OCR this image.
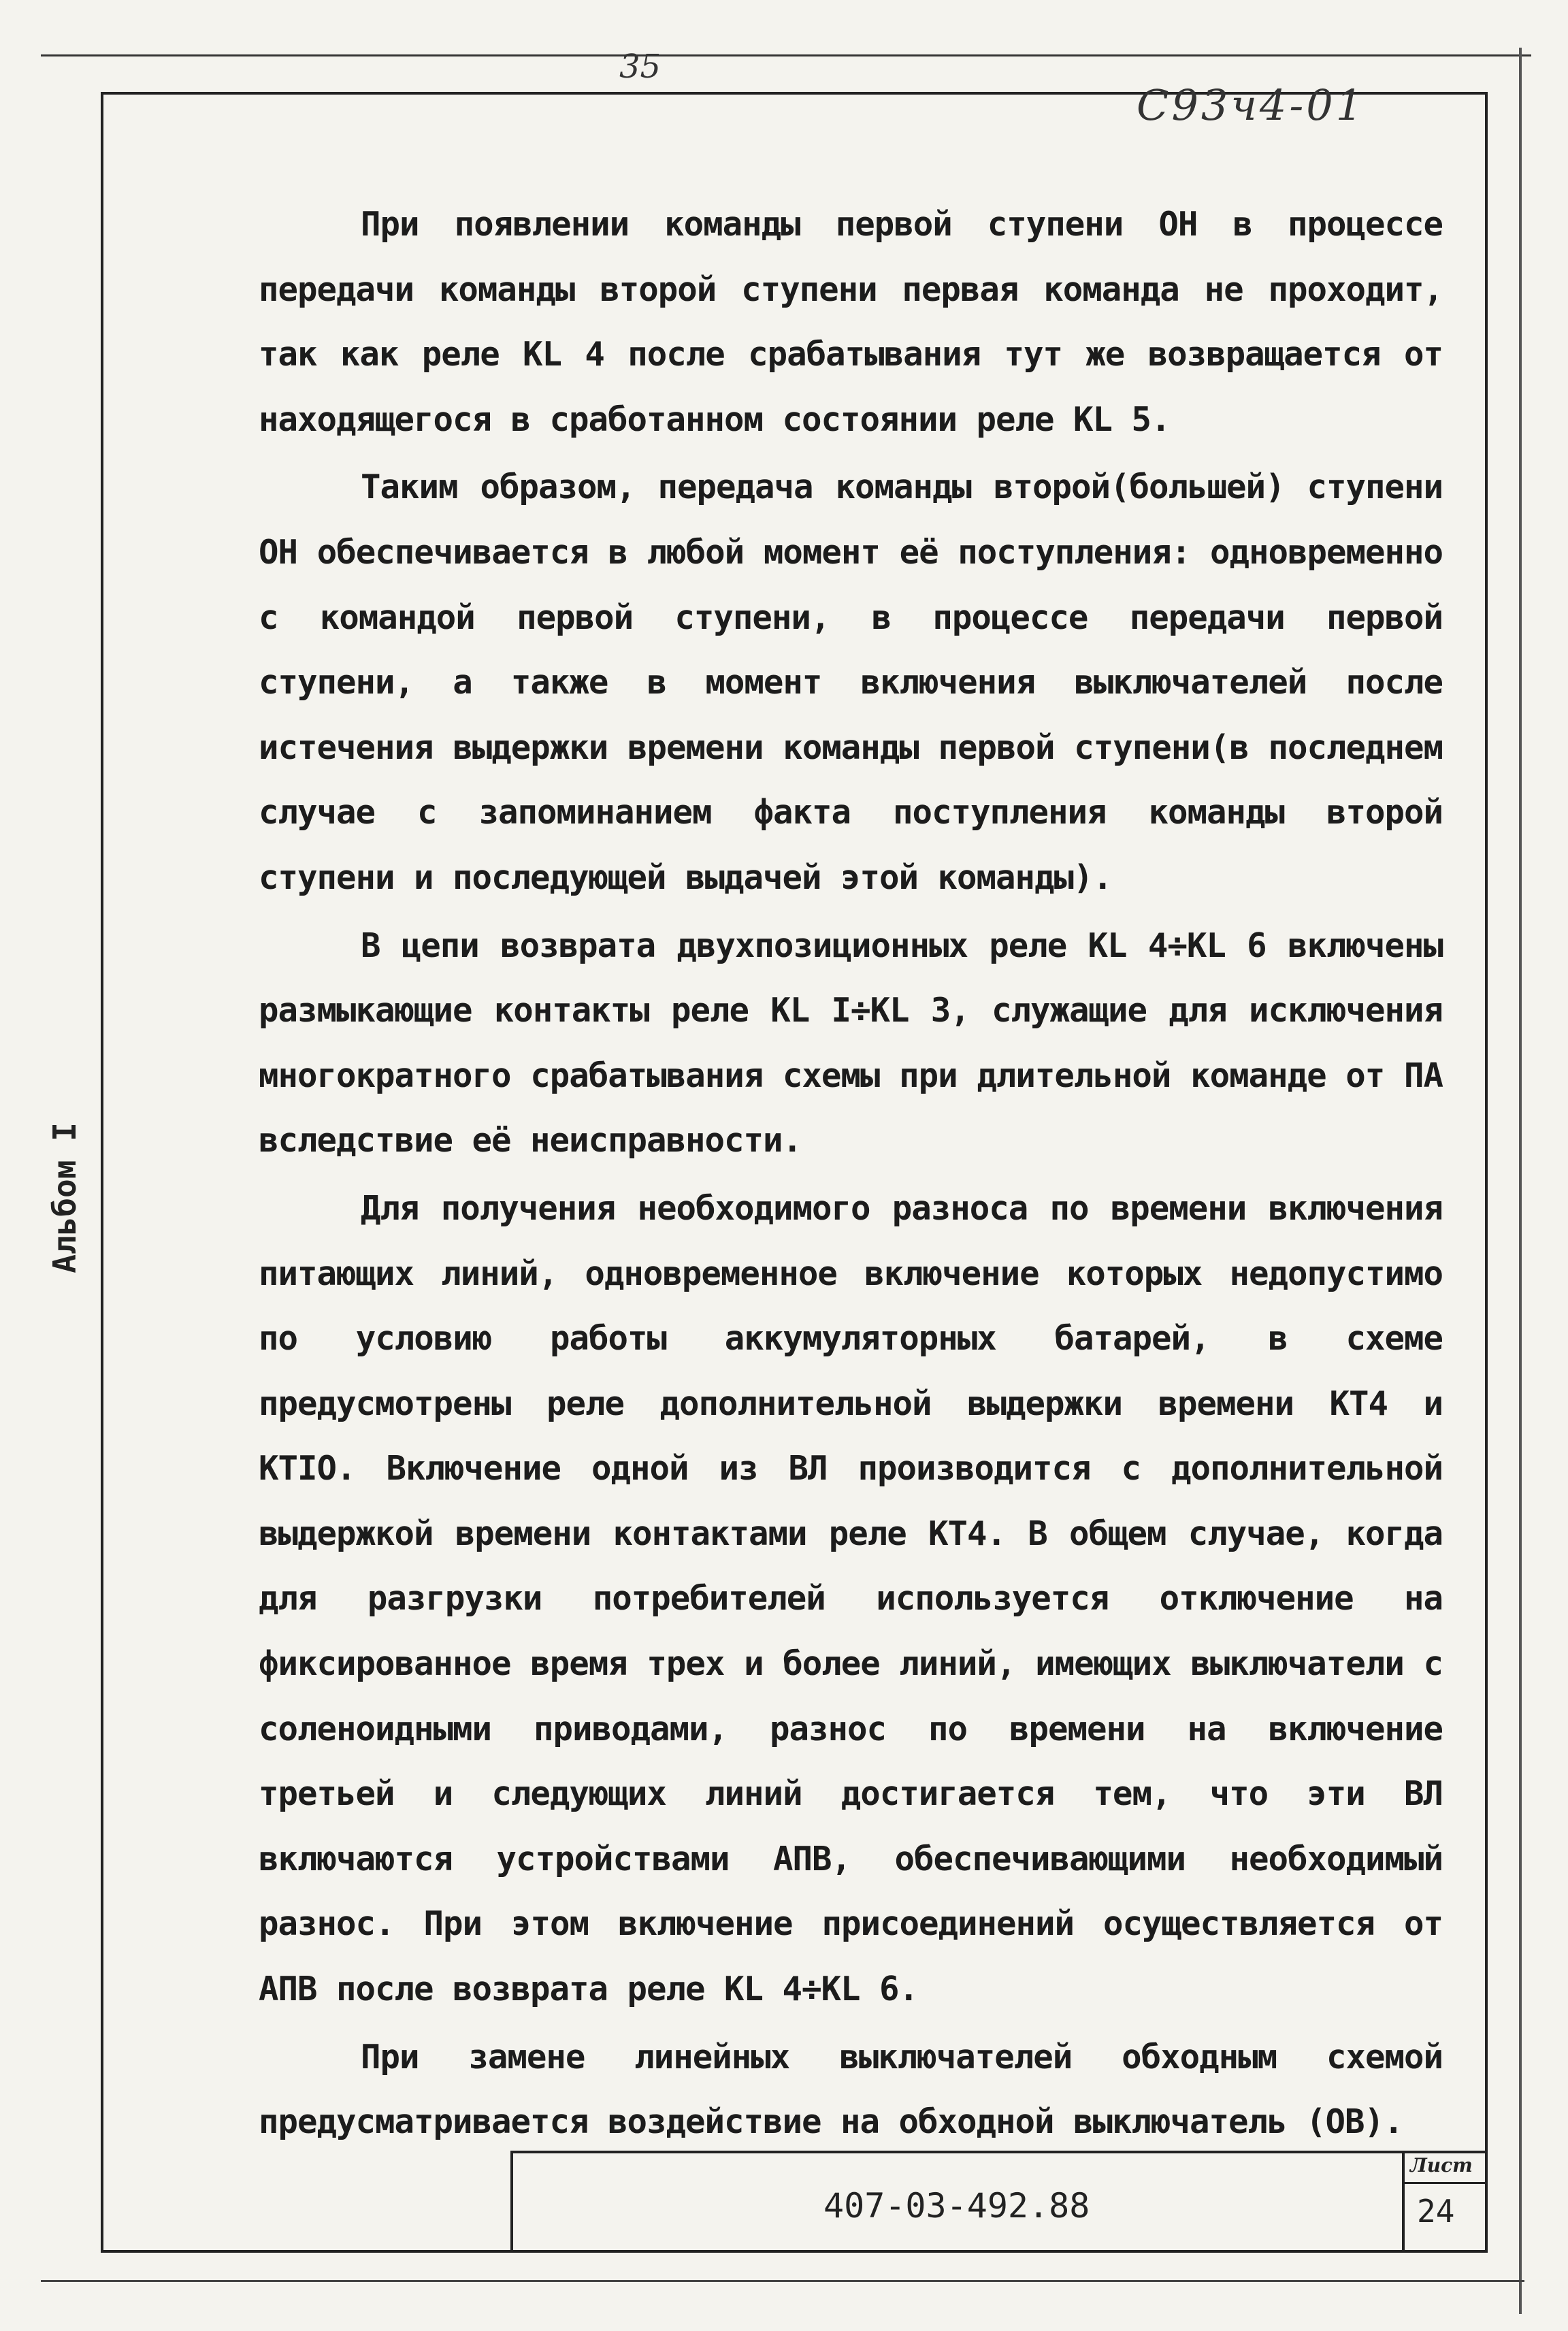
35
С93ч4-01
Альбом I

При появлении команды первой ступени ОН в процессе передачи команды второй ступени первая команда не проходит, так как реле KL 4 после срабатывания тут же возвращается от находящегося в сработанном состоянии реле KL 5.

Таким образом, передача команды второй(большей) ступени ОН обеспечивается в любой момент её поступления: одновременно с командой первой ступени, в процессе передачи первой ступени, а также в момент включения выключателей после истечения выдержки времени команды первой ступени(в последнем случае с запоминанием факта поступления команды второй ступени и последующей выдачей этой команды).

В цепи возврата двухпозиционных реле KL 4÷KL 6 включены размыкающие контакты реле KL I÷KL 3, служащие для исключения многократного срабатывания схемы при длительной команде от ПА вследствие её неисправности.

Для получения необходимого разноса по времени включения питающих линий, одновременное включение которых недопустимо по условию работы аккумуляторных батарей, в схеме предусмотрены реле дополнительной выдержки времени КТ4 и КТIO. Включение одной из ВЛ производится с дополнительной выдержкой времени контактами реле КТ4. В общем случае, когда для разгрузки потребителей используется отключение на фиксированное время трех и более линий, имеющих выключатели с соленоидными приводами, разнос по времени на включение третьей и следующих линий достигается тем, что эти ВЛ включаются устройствами АПВ, обеспечивающими необходимый разнос. При этом включение присоединений осуществляется от АПВ после возврата реле KL 4÷KL 6.

При замене линейных выключателей обходным схемой предусматривается воздействие на обходной выключатель (ОВ).

407-03-492.88
Лист
24
